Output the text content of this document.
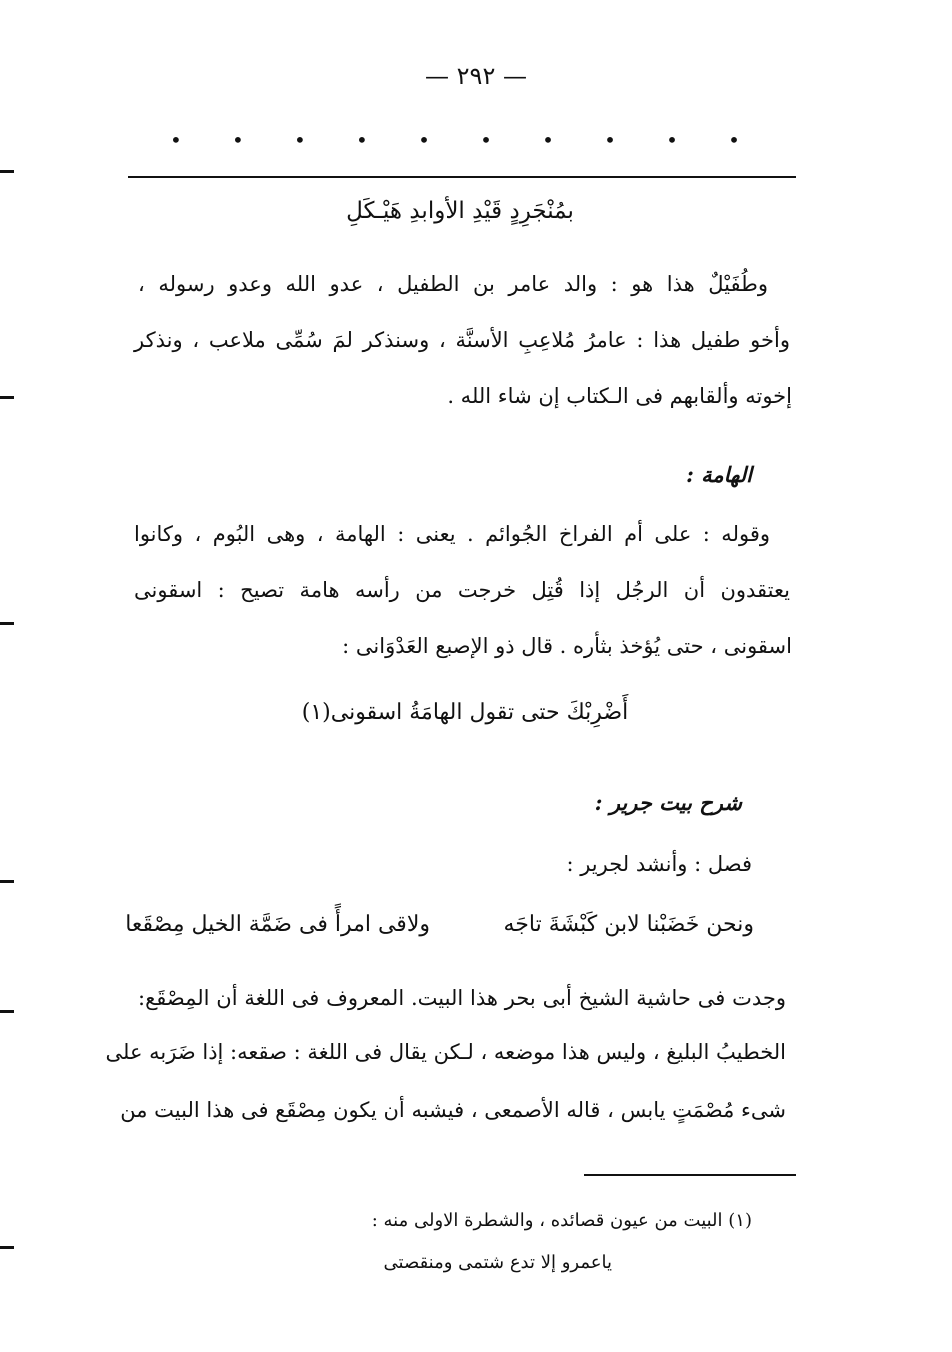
— ٢٩٢ —
•	•	•	•	•	•	•	•	•	•
بمُنْجَرِدٍ قَيْدِ الأوابدِ هَيْـكَلِ
وطُفَيْلٌ هذا هو : والد عامر بن الطفيل ، عدو الله وعدو رسوله ،
وأخو طفيل هذا : عامرُ مُلاعِبِ الأسنَّة ، وسنذكر لمَ سُمِّى ملاعب ، ونذكر
إخوته وألقابهم فى الـكتاب إن شاء الله .
الهامة :
وقوله : على أم الفراخ الجُوائم . يعنى : الهامة ، وهى البُوم ، وكانوا
يعتقدون أن الرجُل إذا قُتِل خرجت من رأسه هامة تصيح : اسقونى
اسقونى ، حتى يُؤخذ بثأره . قال ذو الإصبع العَدْوَانى :
أَضْرِبْكَ حتى تقول الهامَةُ اسقونى(١)
شرح بيت جرير :
فصل : وأنشد لجرير :
ونحن خَضَبْنا لابن كَبْشَةَ تاجَه
ولاقى امرأً فى ضَمَّة الخيل مِصْقَعا
وجدت فى حاشية الشيخ أبى بحر هذا البيت. المعروف فى اللغة أن المِصْقَع:
الخطيبُ البليغ ، وليس هذا موضعه ، لـكن يقال فى اللغة : صقعه: إذا ضَرَبه على
شىء مُصْمَتٍ يابس ، قاله الأصمعى ، فيشبه أن يكون مِصْقَع فى هذا البيت من
(١) البيت من عيون قصائده ، والشطرة الاولى منه :
ياعمرو إلا تدع شتمى ومنقصتى
